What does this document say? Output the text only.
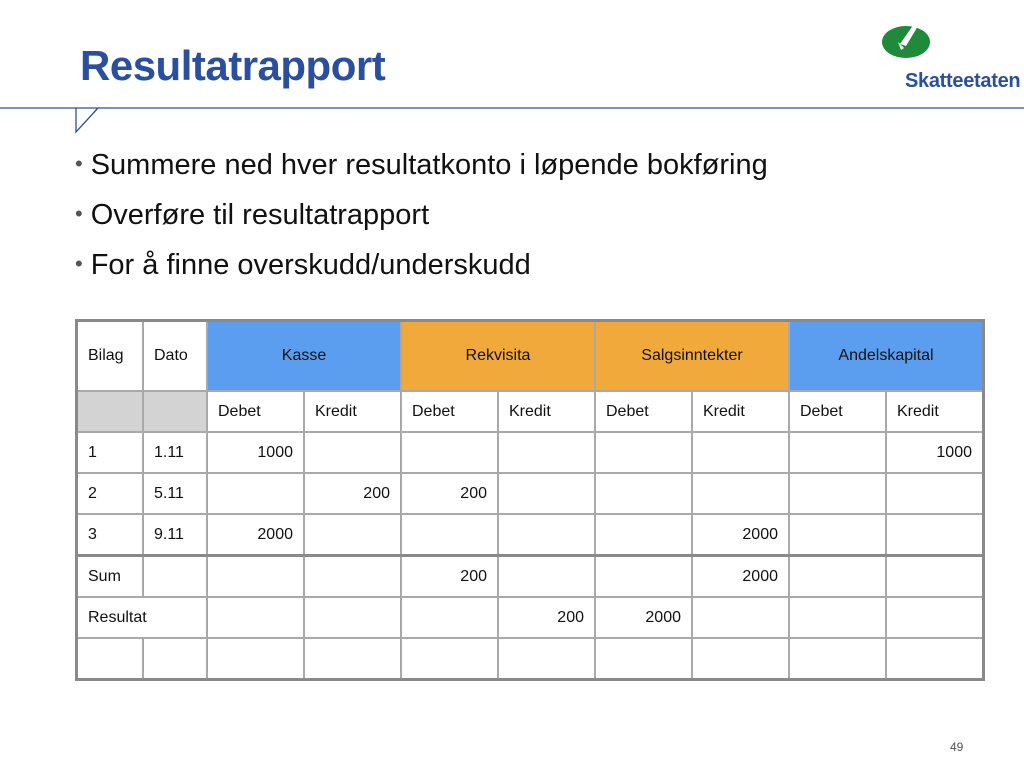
Resultatrapport	Skatteetaten
• Summere ned hver resultatkonto i løpende bokføring
• Overføre til resultatrapport
• For å finne overskudd/underskudd
Bilag	Dato	Kasse		Rekvisita		Salgsinntekter		Andelskapital	
		Debet	Kredit	Debet	Kredit	Debet	Kredit	Debet	Kredit
1	1.11	1000							1000
2	5.11		200	200					
3	9.11	2000					2000		
Sum				200			2000		
Resultat					200	2000			

49
